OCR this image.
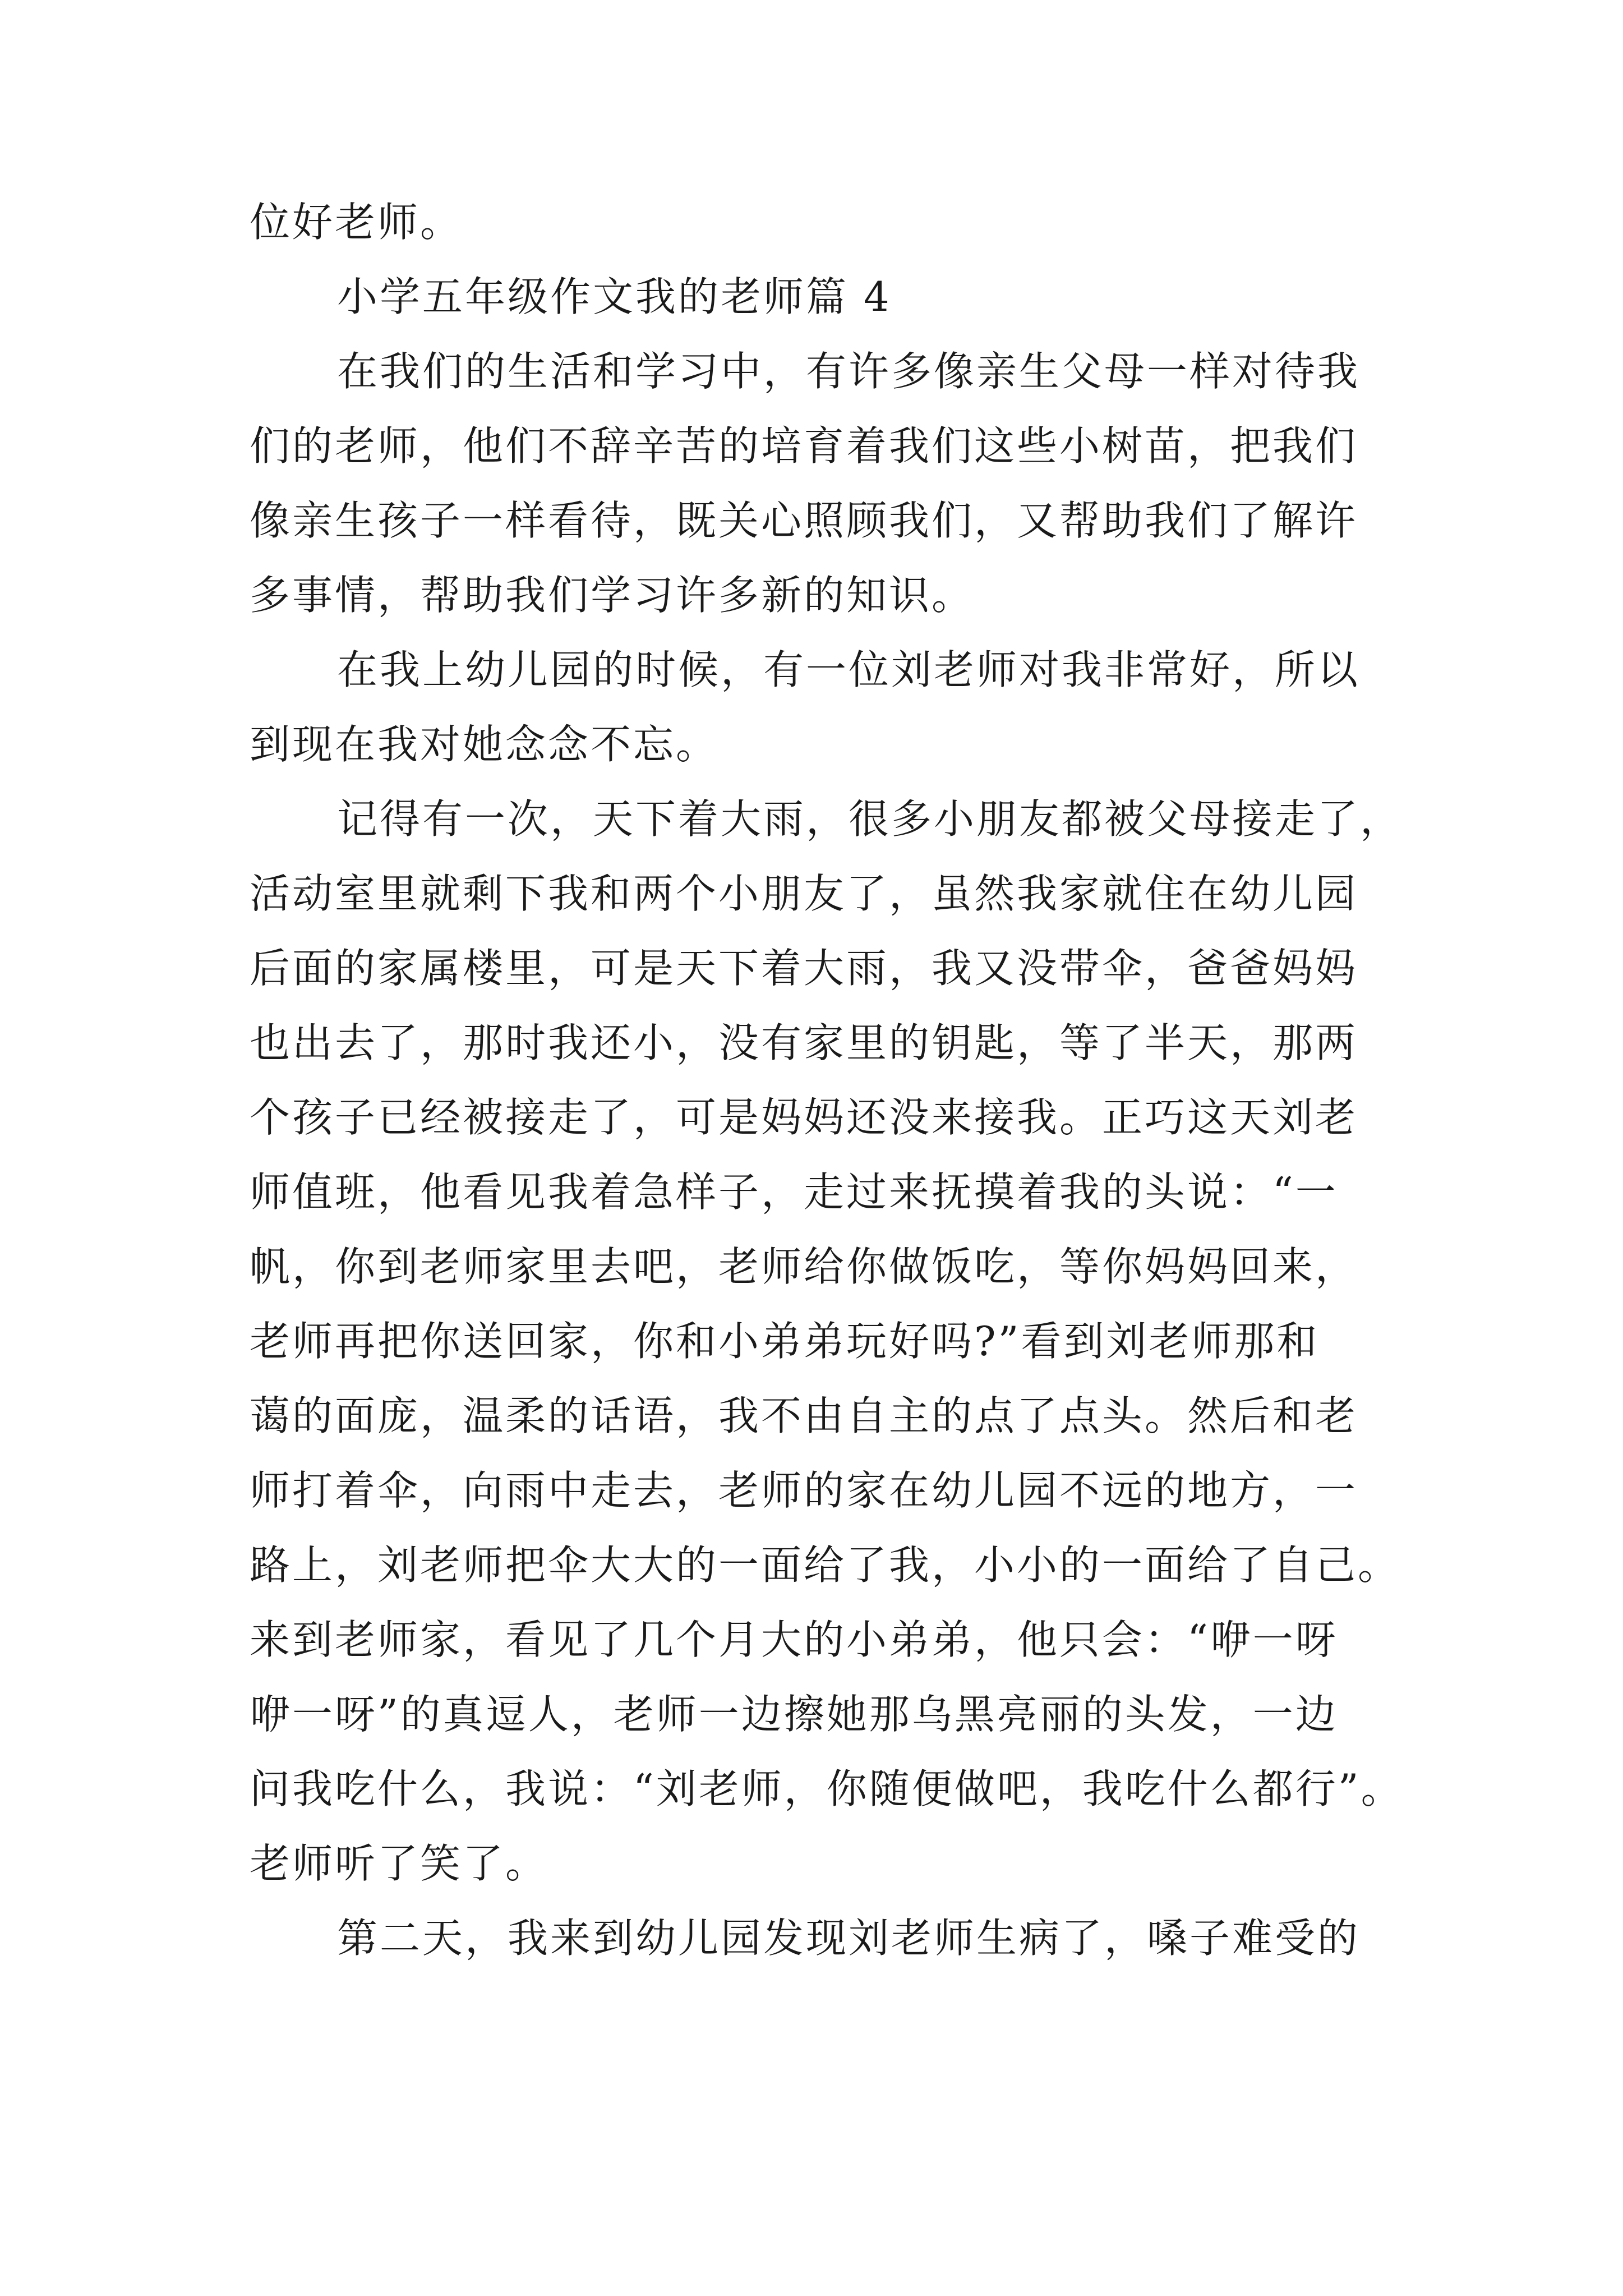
位好老师。
小学五年级作文我的老师篇 4
在我们的生活和学习中，有许多像亲生父母一样对待我
们的老师，他们不辞辛苦的培育着我们这些小树苗，把我们
像亲生孩子一样看待，既关心照顾我们，又帮助我们了解许
多事情，帮助我们学习许多新的知识。
在我上幼儿园的时候，有一位刘老师对我非常好，所以
到现在我对她念念不忘。
记得有一次，天下着大雨，很多小朋友都被父母接走了，
活动室里就剩下我和两个小朋友了，虽然我家就住在幼儿园
后面的家属楼里，可是天下着大雨，我又没带伞，爸爸妈妈
也出去了，那时我还小，没有家里的钥匙，等了半天，那两
个孩子已经被接走了，可是妈妈还没来接我。正巧这天刘老
师值班，他看见我着急样子，走过来抚摸着我的头说：“一
帆，你到老师家里去吧，老师给你做饭吃，等你妈妈回来，
老师再把你送回家，你和小弟弟玩好吗?”看到刘老师那和
蔼的面庞，温柔的话语，我不由自主的点了点头。然后和老
师打着伞，向雨中走去，老师的家在幼儿园不远的地方，一
路上，刘老师把伞大大的一面给了我，小小的一面给了自己。
来到老师家，看见了几个月大的小弟弟，他只会：“咿一呀
咿一呀”的真逗人，老师一边擦她那乌黑亮丽的头发，一边
问我吃什么，我说：“刘老师，你随便做吧，我吃什么都行”。
老师听了笑了。
第二天，我来到幼儿园发现刘老师生病了，嗓子难受的
